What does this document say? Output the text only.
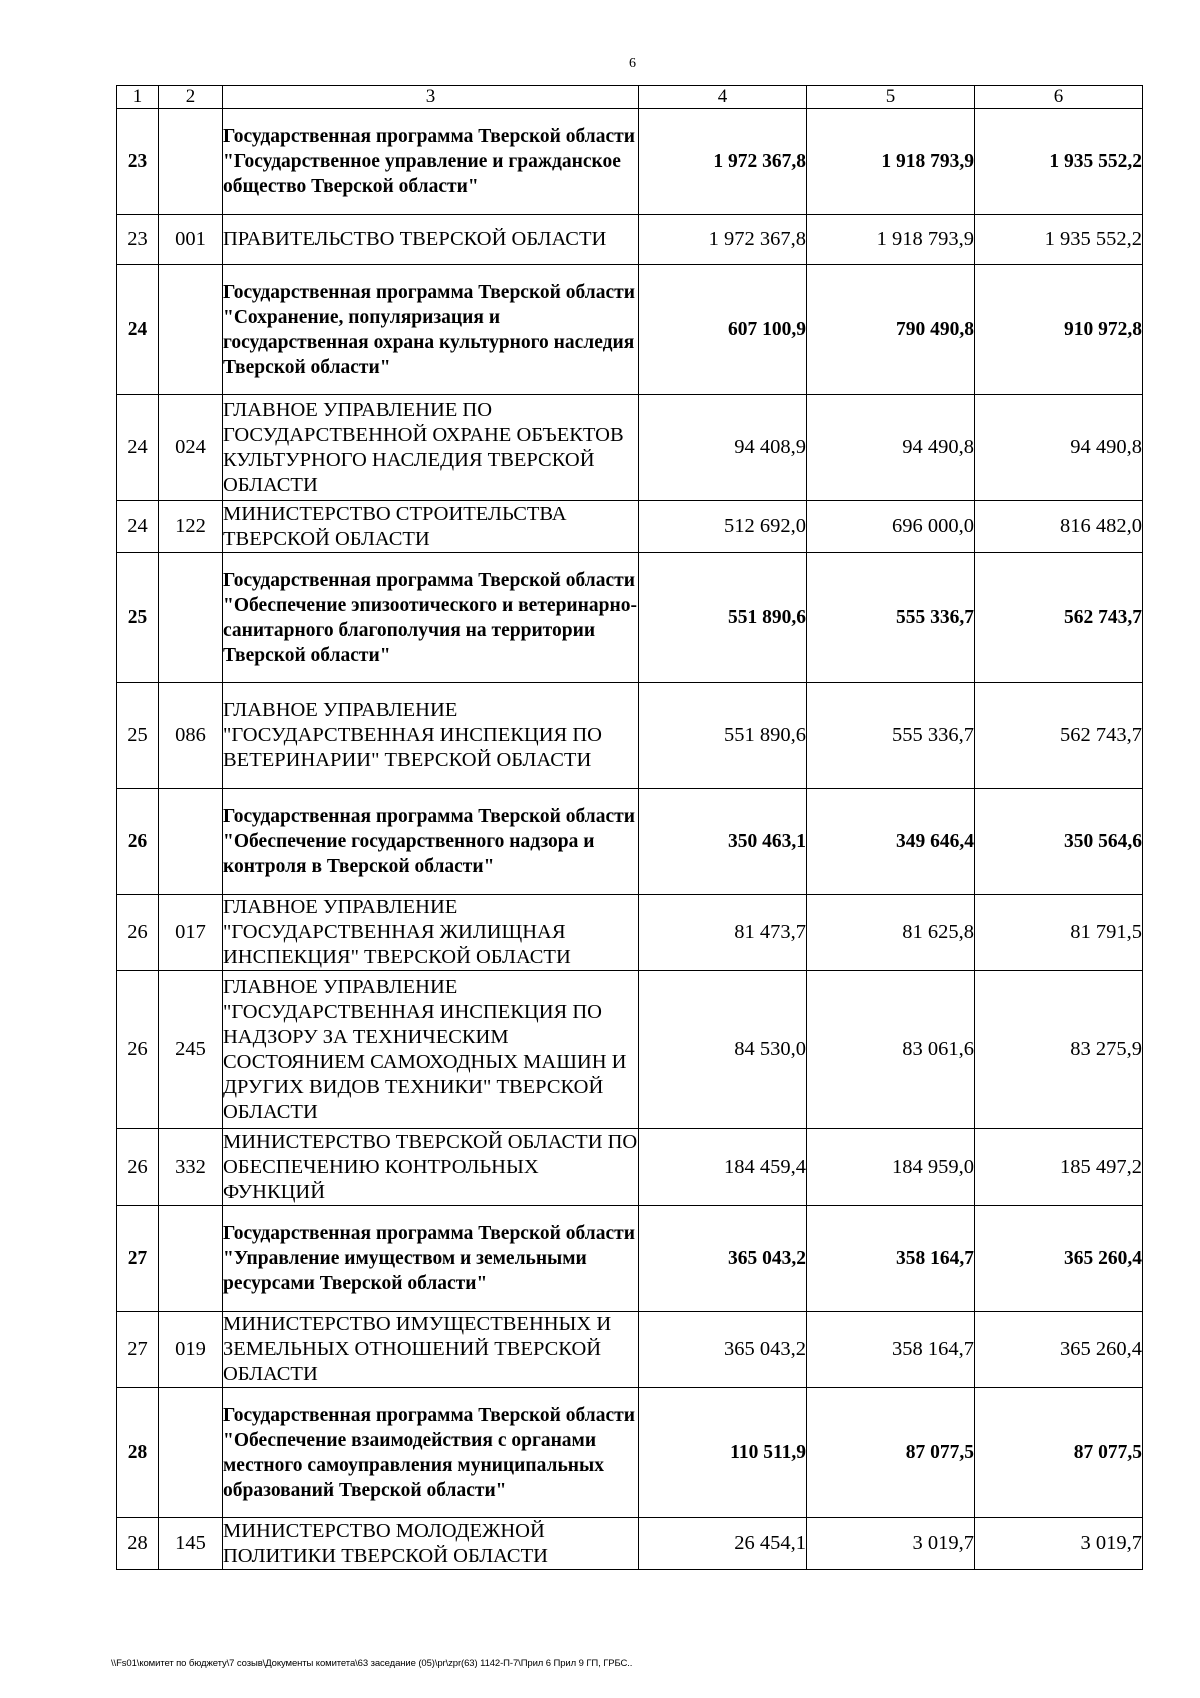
6
1	2	3	4	5	6
23		Государственная программа Тверской области "Государственное управление и гражданское общество Тверской области"	1 972 367,8	1 918 793,9	1 935 552,2
23	001	ПРАВИТЕЛЬСТВО ТВЕРСКОЙ ОБЛАСТИ	1 972 367,8	1 918 793,9	1 935 552,2
24		Государственная программа Тверской области "Сохранение, популяризация и государственная охрана культурного наследия Тверской области"	607 100,9	790 490,8	910 972,8
24	024	ГЛАВНОЕ УПРАВЛЕНИЕ ПО ГОСУДАРСТВЕННОЙ ОХРАНЕ ОБЪЕКТОВ КУЛЬТУРНОГО НАСЛЕДИЯ ТВЕРСКОЙ ОБЛАСТИ	94 408,9	94 490,8	94 490,8
24	122	МИНИСТЕРСТВО СТРОИТЕЛЬСТВА ТВЕРСКОЙ ОБЛАСТИ	512 692,0	696 000,0	816 482,0
25		Государственная программа Тверской области "Обеспечение эпизоотического и ветеринарно-санитарного благополучия на территории Тверской области"	551 890,6	555 336,7	562 743,7
25	086	ГЛАВНОЕ УПРАВЛЕНИЕ "ГОСУДАРСТВЕННАЯ ИНСПЕКЦИЯ ПО ВЕТЕРИНАРИИ" ТВЕРСКОЙ ОБЛАСТИ	551 890,6	555 336,7	562 743,7
26		Государственная программа Тверской области "Обеспечение государственного надзора и контроля в Тверской области"	350 463,1	349 646,4	350 564,6
26	017	ГЛАВНОЕ УПРАВЛЕНИЕ "ГОСУДАРСТВЕННАЯ ЖИЛИЩНАЯ ИНСПЕКЦИЯ" ТВЕРСКОЙ ОБЛАСТИ	81 473,7	81 625,8	81 791,5
26	245	ГЛАВНОЕ УПРАВЛЕНИЕ "ГОСУДАРСТВЕННАЯ ИНСПЕКЦИЯ ПО НАДЗОРУ ЗА ТЕХНИЧЕСКИМ СОСТОЯНИЕМ САМОХОДНЫХ МАШИН И ДРУГИХ ВИДОВ ТЕХНИКИ" ТВЕРСКОЙ ОБЛАСТИ	84 530,0	83 061,6	83 275,9
26	332	МИНИСТЕРСТВО ТВЕРСКОЙ ОБЛАСТИ ПО ОБЕСПЕЧЕНИЮ КОНТРОЛЬНЫХ ФУНКЦИЙ	184 459,4	184 959,0	185 497,2
27		Государственная программа Тверской области "Управление имуществом и земельными ресурсами Тверской области"	365 043,2	358 164,7	365 260,4
27	019	МИНИСТЕРСТВО ИМУЩЕСТВЕННЫХ И ЗЕМЕЛЬНЫХ ОТНОШЕНИЙ ТВЕРСКОЙ ОБЛАСТИ	365 043,2	358 164,7	365 260,4
28		Государственная программа Тверской области "Обеспечение взаимодействия с органами местного самоуправления муниципальных образований Тверской области"	110 511,9	87 077,5	87 077,5
28	145	МИНИСТЕРСТВО МОЛОДЕЖНОЙ ПОЛИТИКИ ТВЕРСКОЙ ОБЛАСТИ	26 454,1	3 019,7	3 019,7
\\Fs01\комитет по бюджету\7 созыв\Документы комитета\63 заседание (05)\pr\zpr(63) 1142-П-7\Прил 6 Прил 9 ГП, ГРБС..
